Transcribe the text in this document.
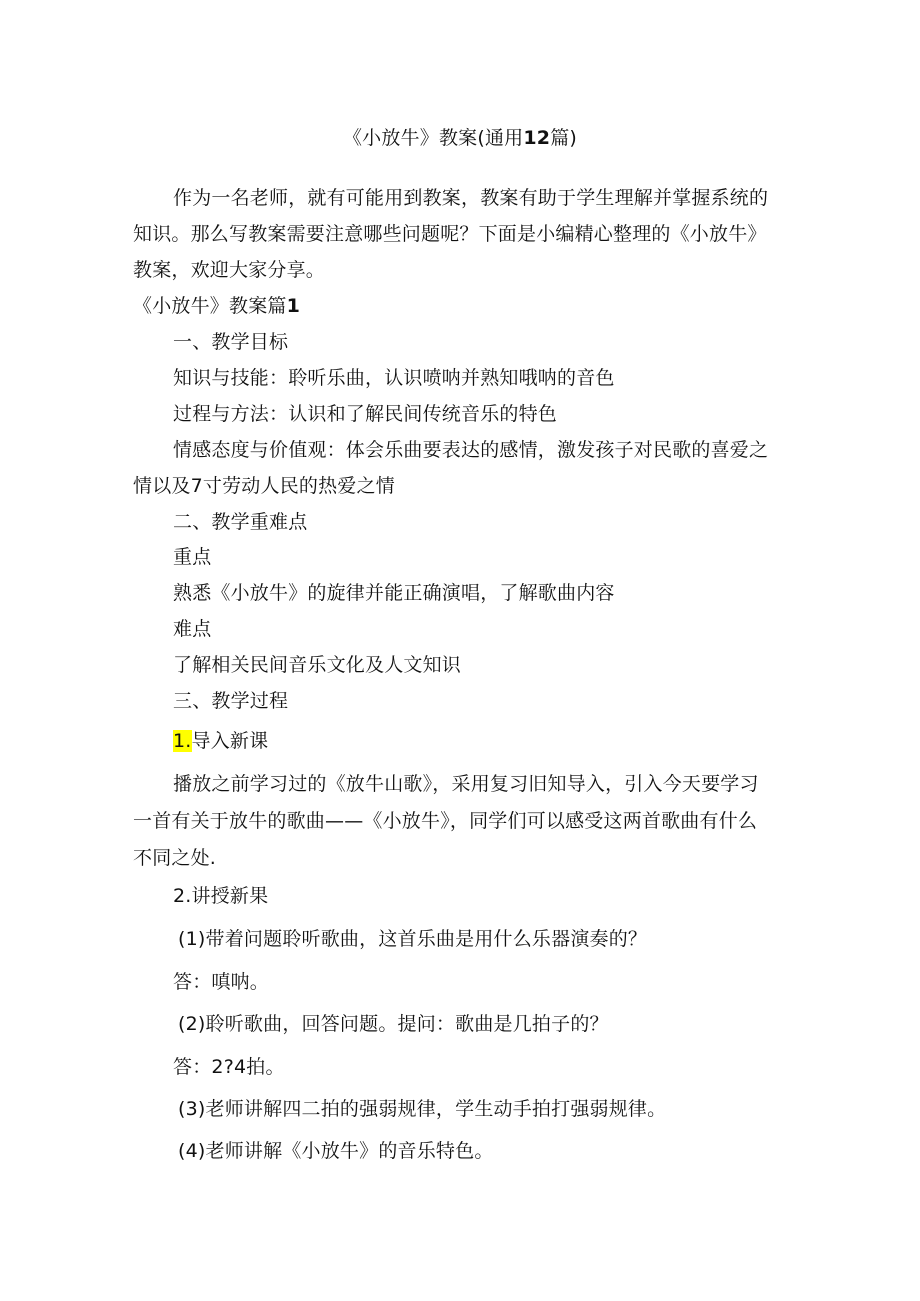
《小放牛》教案(通用12篇)
作为一名老师，就有可能用到教案，教案有助于学生理解并掌握系统的
知识。那么写教案需要注意哪些问题呢？下面是小编精心整理的《小放牛》
教案，欢迎大家分享。
《小放牛》教案篇1
一、教学目标
知识与技能：聆听乐曲，认识喷呐并熟知哦呐的音色
过程与方法：认识和了解民间传统音乐的特色
情感态度与价值观：体会乐曲要表达的感情，激发孩子对民歌的喜爱之
情以及7寸劳动人民的热爱之情
二、教学重难点
重点
熟悉《小放牛》的旋律并能正确演唱，了解歌曲内容
难点
了解相关民间音乐文化及人文知识
三、教学过程
1.导入新课
播放之前学习过的《放牛山歌》，采用复习旧知导入，引入今天要学习
一首有关于放牛的歌曲——《小放牛》，同学们可以感受这两首歌曲有什么
不同之处.
2.讲授新果
(1)带着问题聆听歌曲，这首乐曲是用什么乐器演奏的？
答：嗔呐。
(2)聆听歌曲，回答问题。提问：歌曲是几拍子的？
答：2?4拍。
(3)老师讲解四二拍的强弱规律，学生动手拍打强弱规律。
(4)老师讲解《小放牛》的音乐特色。
